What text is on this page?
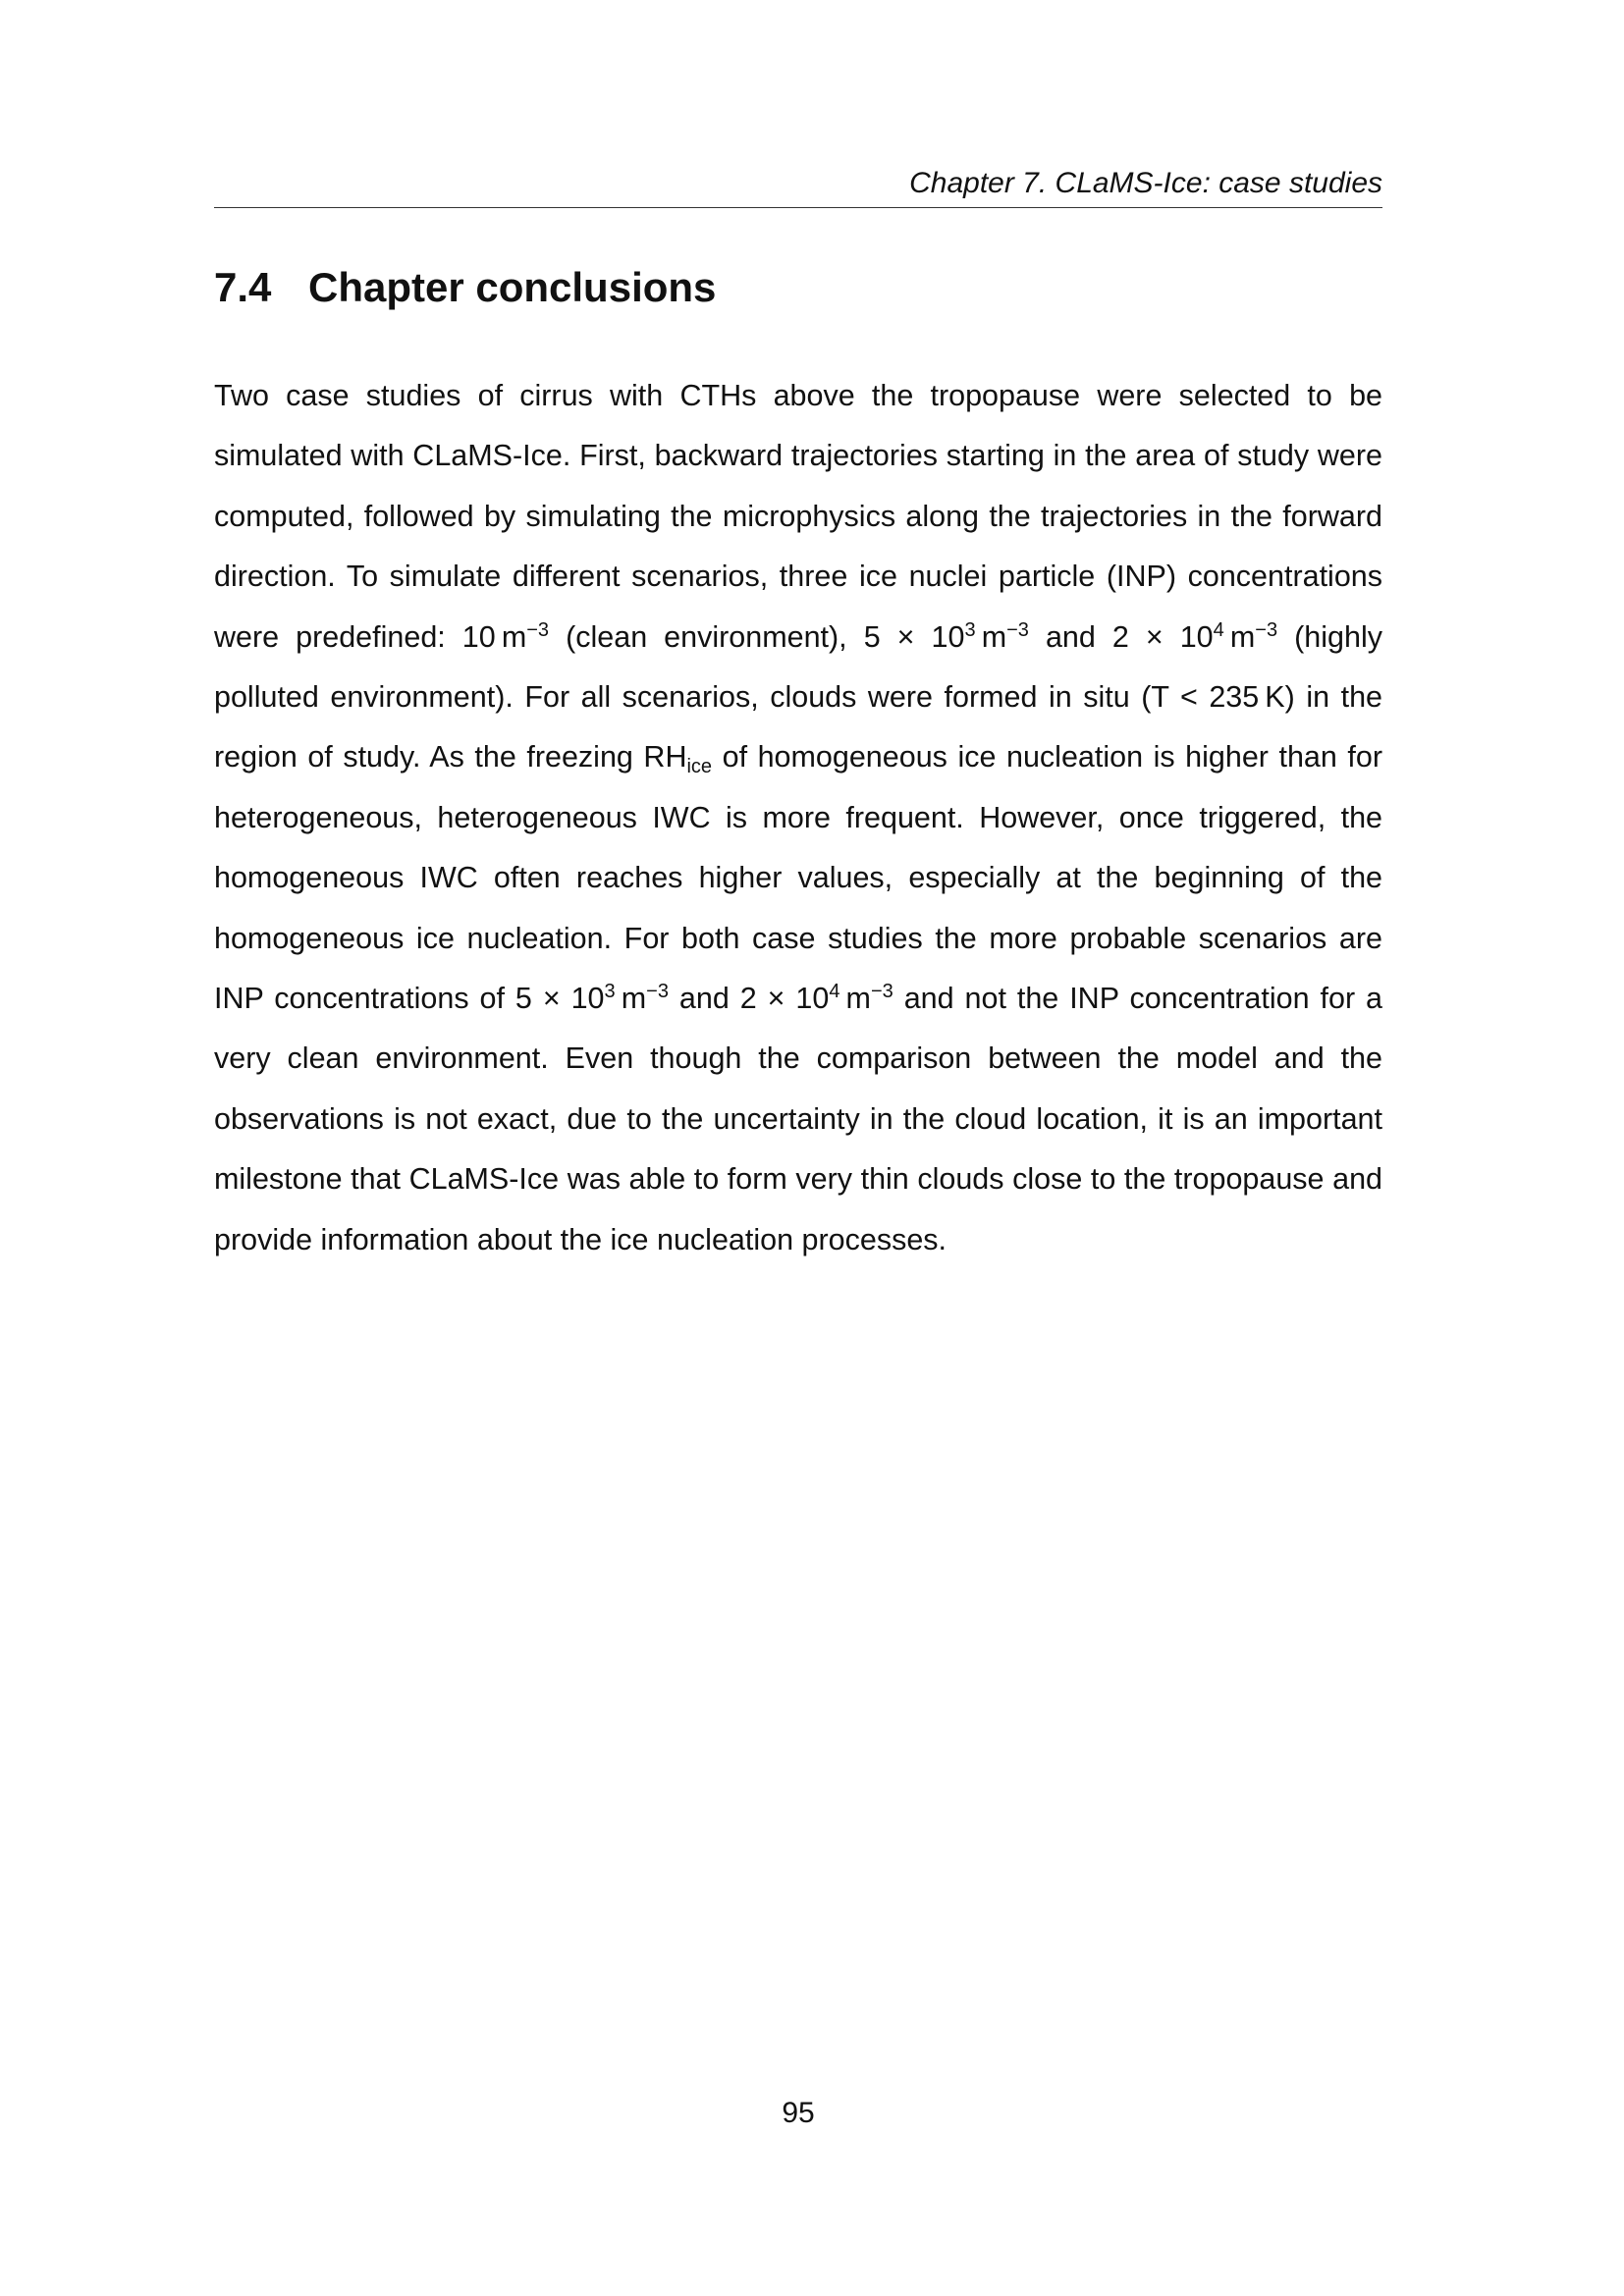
Chapter 7. CLaMS-Ice: case studies
7.4 Chapter conclusions

Two case studies of cirrus with CTHs above the tropopause were selected to be simulated with CLaMS-Ice. First, backward trajectories starting in the area of study were computed, followed by simulating the microphysics along the trajectories in the forward direction. To simulate different scenarios, three ice nuclei particle (INP) concentrations were predefined: 10 $m^{-3}$ (clean environment), $5 \times 10^3$ $m^{-3}$ and $2 \times 10^4$ $m^{-3}$ (highly polluted environment). For all scenarios, clouds were formed in situ (T < 235 K) in the region of study. As the freezing $RH_{ice}$ of homogeneous ice nucleation is higher than for heterogeneous, heterogeneous IWC is more frequent. However, once triggered, the homogeneous IWC often reaches higher values, especially at the beginning of the homogeneous ice nucleation. For both case studies the more probable scenarios are INP concentrations of $5 \times 10^3$ $m^{-3}$ and $2 \times 10^4$ $m^{-3}$ and not the INP concentration for a very clean environment. Even though the comparison between the model and the observations is not exact, due to the uncertainty in the cloud location, it is an important milestone that CLaMS-Ice was able to form very thin clouds close to the tropopause and provide information about the ice nucleation processes.

95
